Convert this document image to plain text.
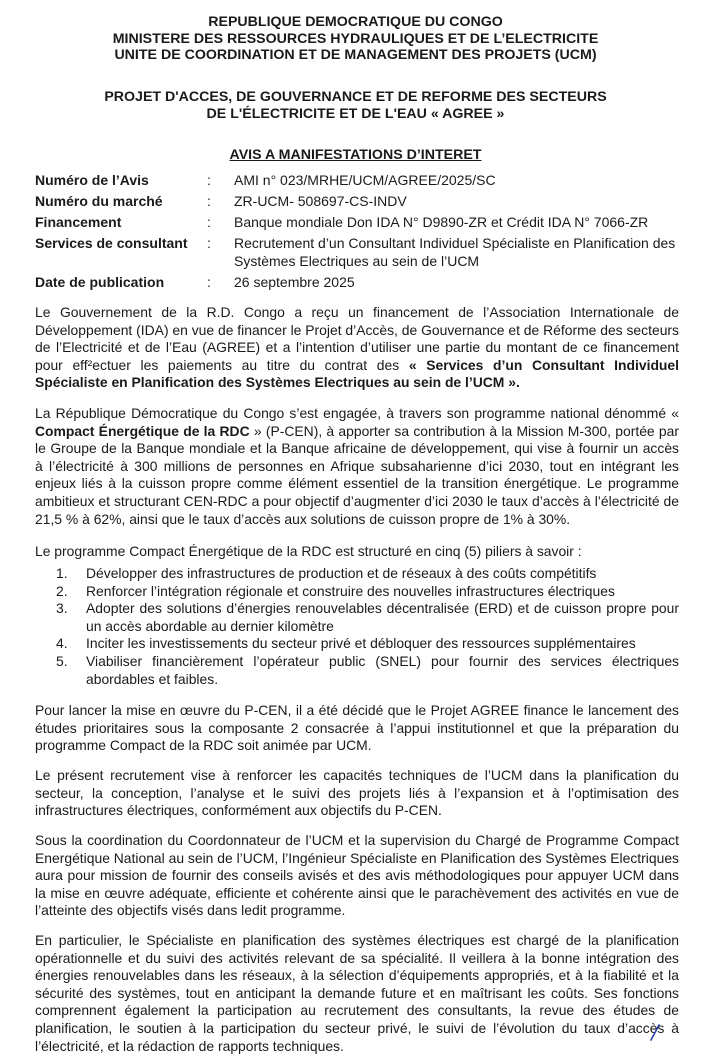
REPUBLIQUE DEMOCRATIQUE DU CONGO
MINISTERE DES RESSOURCES HYDRAULIQUES ET DE L’ELECTRICITE
UNITE DE COORDINATION ET DE MANAGEMENT DES PROJETS (UCM)
PROJET D'ACCES, DE GOUVERNANCE ET DE REFORME DES SECTEURS
DE L'ÉLECTRICITE ET DE L'EAU « AGREE »
AVIS A MANIFESTATIONS D’INTERET
Numéro de l’Avis	:	AMI n° 023/MRHE/UCM/AGREE/2025/SC
Numéro du marché	:	ZR-UCM- 508697-CS-INDV
Financement	:	Banque mondiale Don IDA N° D9890-ZR et Crédit IDA N° 7066-ZR
Services de consultant	:	Recrutement d’un Consultant Individuel Spécialiste en Planification des Systèmes Electriques au sein de l’UCM
Date de publication	:	26 septembre 2025

Le Gouvernement de la R.D. Congo a reçu un financement de l’Association Internationale de Développement (IDA) en vue de financer le Projet d’Accès, de Gouvernance et de Réforme des secteurs de l’Electricité et de l’Eau (AGREE) et a l’intention d’utiliser une partie du montant de ce financement pour eff²ectuer les paiements au titre du contrat des « Services d’un Consultant Individuel Spécialiste en Planification des Systèmes Electriques au sein de l’UCM ».

La République Démocratique du Congo s’est engagée, à travers son programme national dénommé « Compact Énergétique de la RDC » (P-CEN), à apporter sa contribution à la Mission M-300, portée par le Groupe de la Banque mondiale et la Banque africaine de développement, qui vise à fournir un accès à l’électricité à 300 millions de personnes en Afrique subsaharienne d’ici 2030, tout en intégrant les enjeux liés à la cuisson propre comme élément essentiel de la transition énergétique. Le programme ambitieux et structurant CEN-RDC a pour objectif d’augmenter d’ici 2030 le taux d’accès à l’électricité de 21,5 % à 62%, ainsi que le taux d’accès aux solutions de cuisson propre de 1% à 30%.

Le programme Compact Énergétique de la RDC est structuré en cinq (5) piliers à savoir :

1.	Développer des infrastructures de production et de réseaux à des coûts compétitifs
2.	Renforcer l’intégration régionale et construire des nouvelles infrastructures électriques
3.	Adopter des solutions d’énergies renouvelables décentralisée (ERD) et de cuisson propre pour un accès abordable au dernier kilomètre
4.	Inciter les investissements du secteur privé et débloquer des ressources supplémentaires
5.	Viabiliser financièrement l’opérateur public (SNEL) pour fournir des services électriques abordables et faibles.

Pour lancer la mise en œuvre du P-CEN, il a été décidé que le Projet AGREE finance le lancement des études prioritaires sous la composante 2 consacrée à l’appui institutionnel et que la préparation du programme Compact de la RDC soit animée par UCM.

Le présent recrutement vise à renforcer les capacités techniques de l’UCM dans la planification du secteur, la conception, l’analyse et le suivi des projets liés à l’expansion et à l’optimisation des infrastructures électriques, conformément aux objectifs du P-CEN.

Sous la coordination du Coordonnateur de l’UCM et la supervision du Chargé de Programme Compact Energétique National au sein de l’UCM, l’Ingénieur Spécialiste en Planification des Systèmes Electriques aura pour mission de fournir des conseils avisés et des avis méthodologiques pour appuyer UCM dans la mise en œuvre adéquate, efficiente et cohérente ainsi que le parachèvement des activités en vue de l’atteinte des objectifs visés dans ledit programme.

En particulier, le Spécialiste en planification des systèmes électriques est chargé de la planification opérationnelle et du suivi des activités relevant de sa spécialité. Il veillera à la bonne intégration des énergies renouvelables dans les réseaux, à la sélection d’équipements appropriés, et à la fiabilité et la sécurité des systèmes, tout en anticipant la demande future et en maîtrisant les coûts. Ses fonctions comprennent également la participation au recrutement des consultants, la revue des études de planification, le soutien à la participation du secteur privé, le suivi de l’évolution du taux d’accès à l’électricité, et la rédaction de rapports techniques.
